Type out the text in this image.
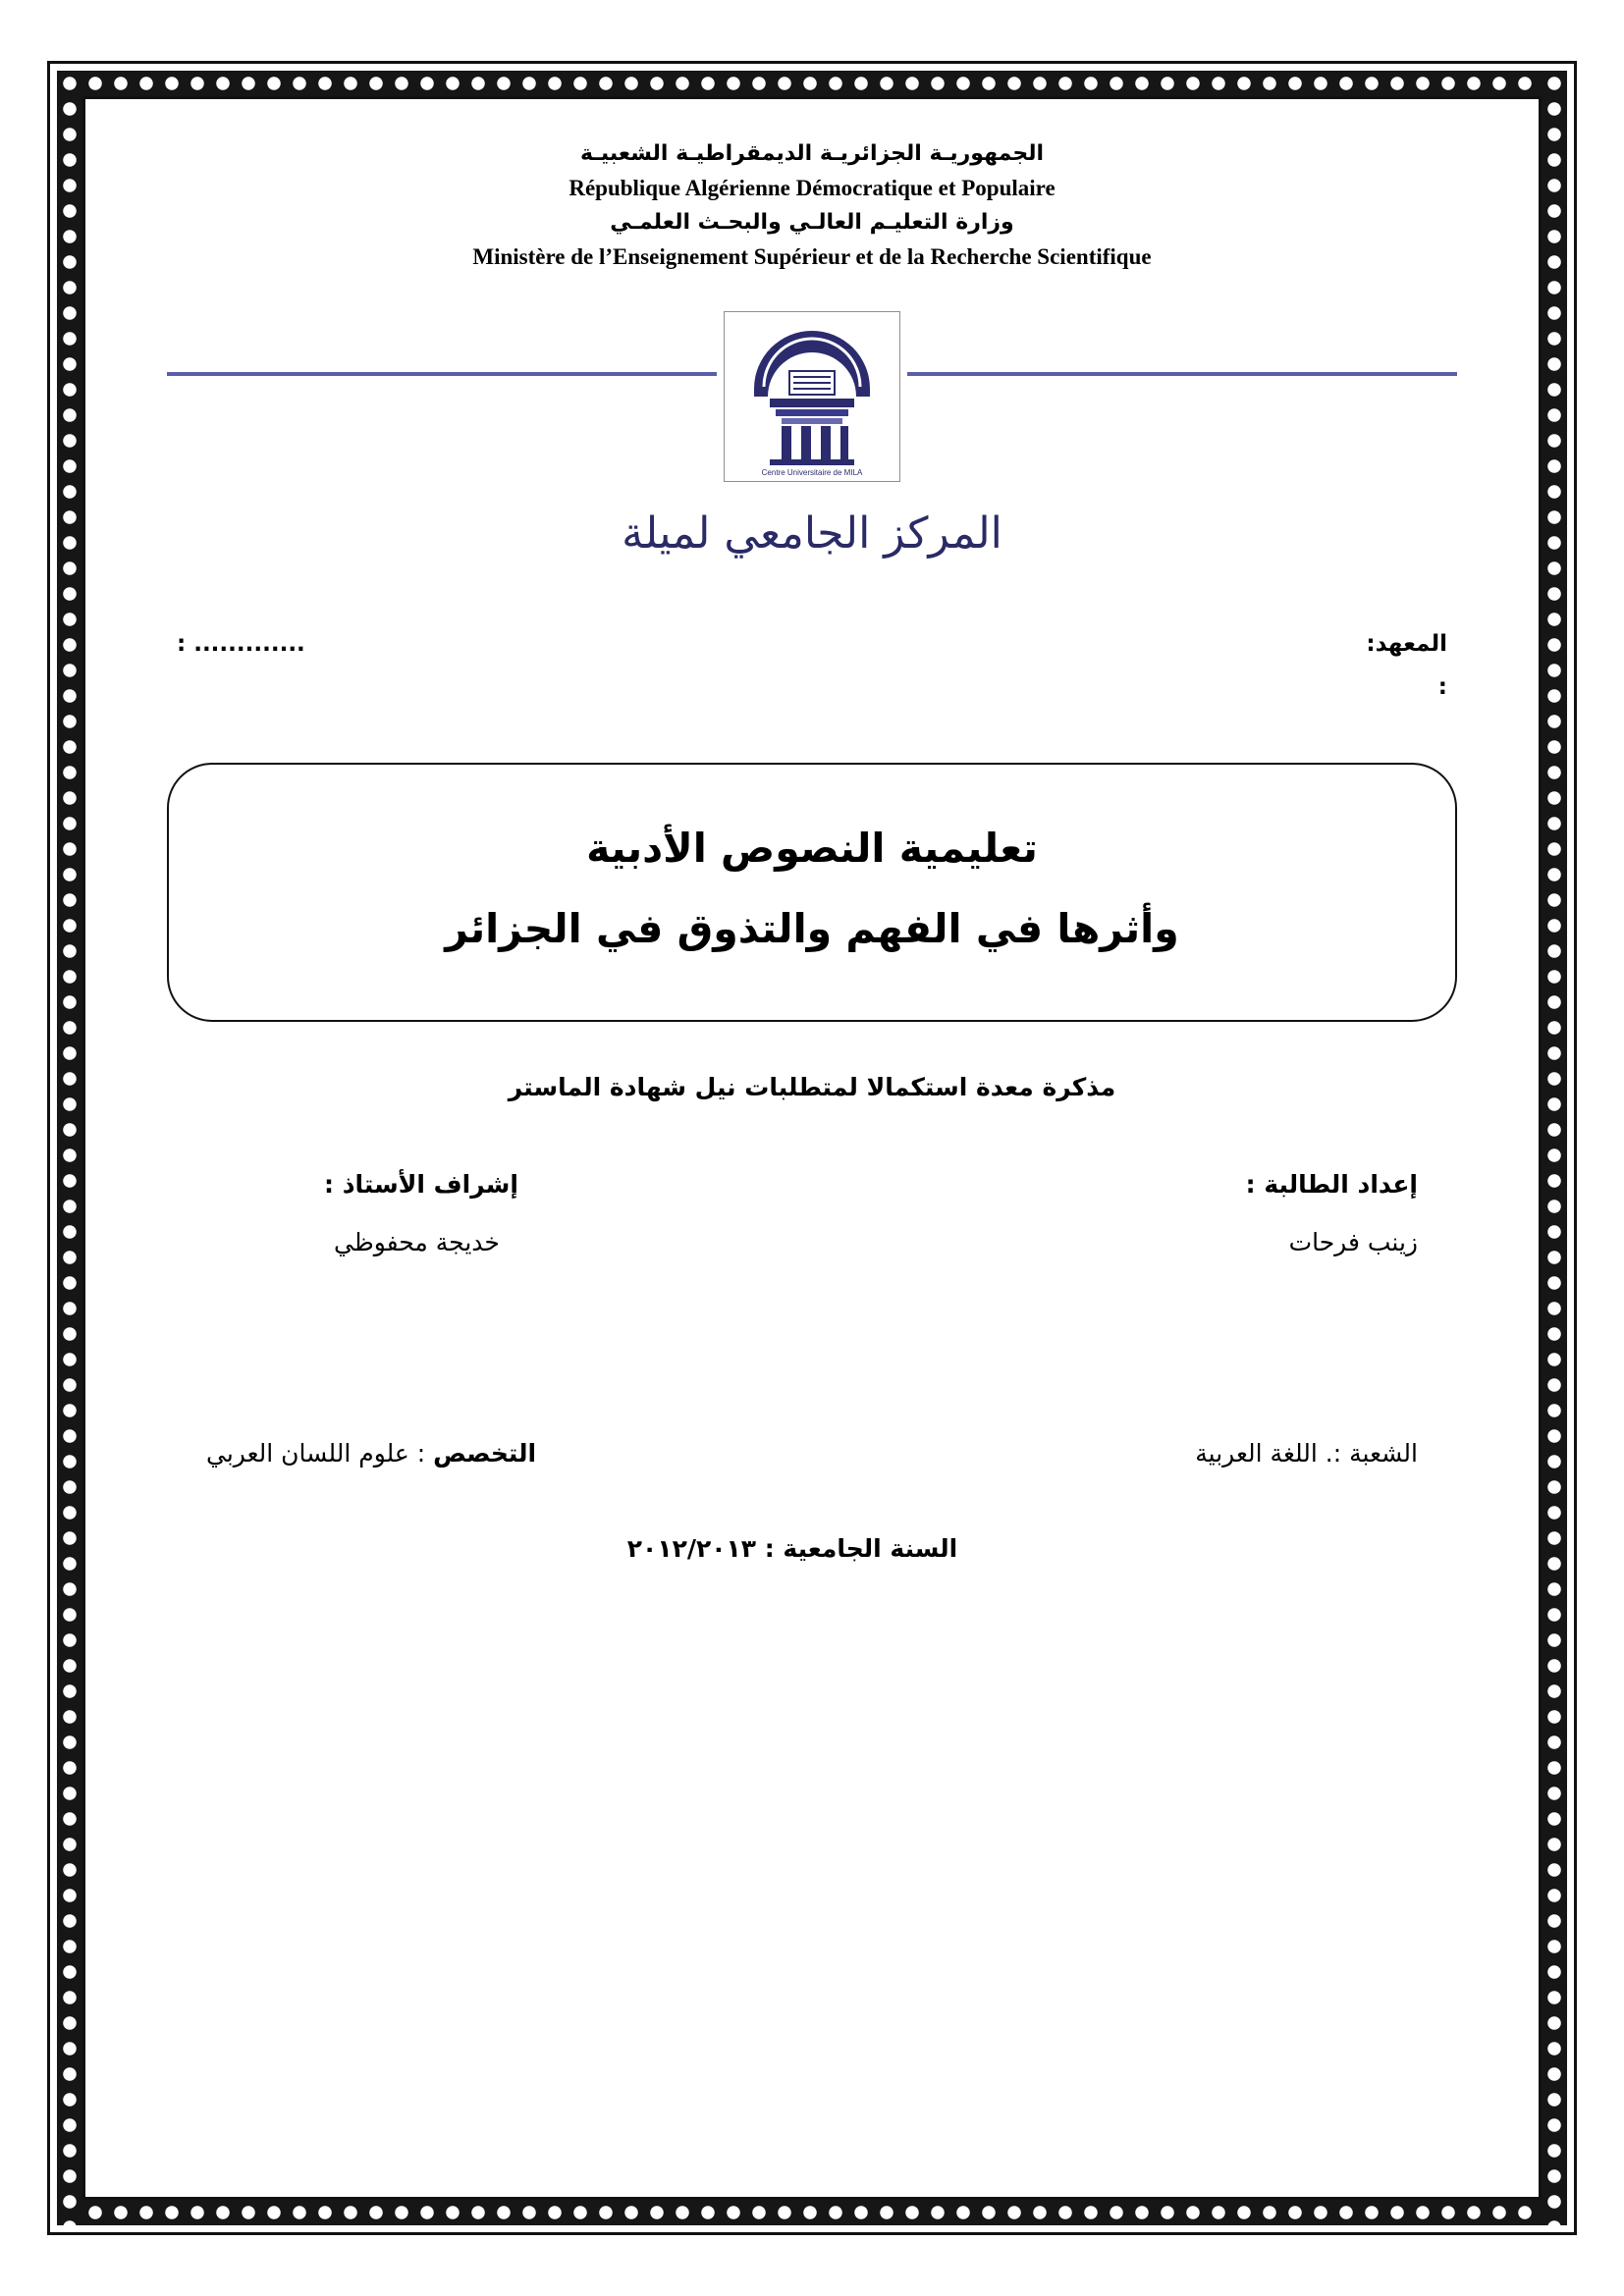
الجمهوريـة الجزائريـة الديمقراطيـة الشعبيـة
République Algérienne Démocratique et Populaire
وزارة التعليـم العالـي والبحـث العلمـي
Ministère de l’Enseignement Supérieur et de la Recherche Scientifique
Centre Universitaire de MILA
المركز الجامعي لميلة
المعهد:
:
............. :
تعليمية النصوص الأدبية
وأثرها في الفهم والتذوق في الجزائر
مذكرة معدة استكمالا لمتطلبات نيل شهادة الماستر
إعداد الطالبة :
زينب فرحات
إشراف الأستاذ :
خديجة محفوظي
الشعبة :. اللغة العربية
التخصص : علوم اللسان العربي
السنة الجامعية : ٢٠١٢/٢٠١٣
